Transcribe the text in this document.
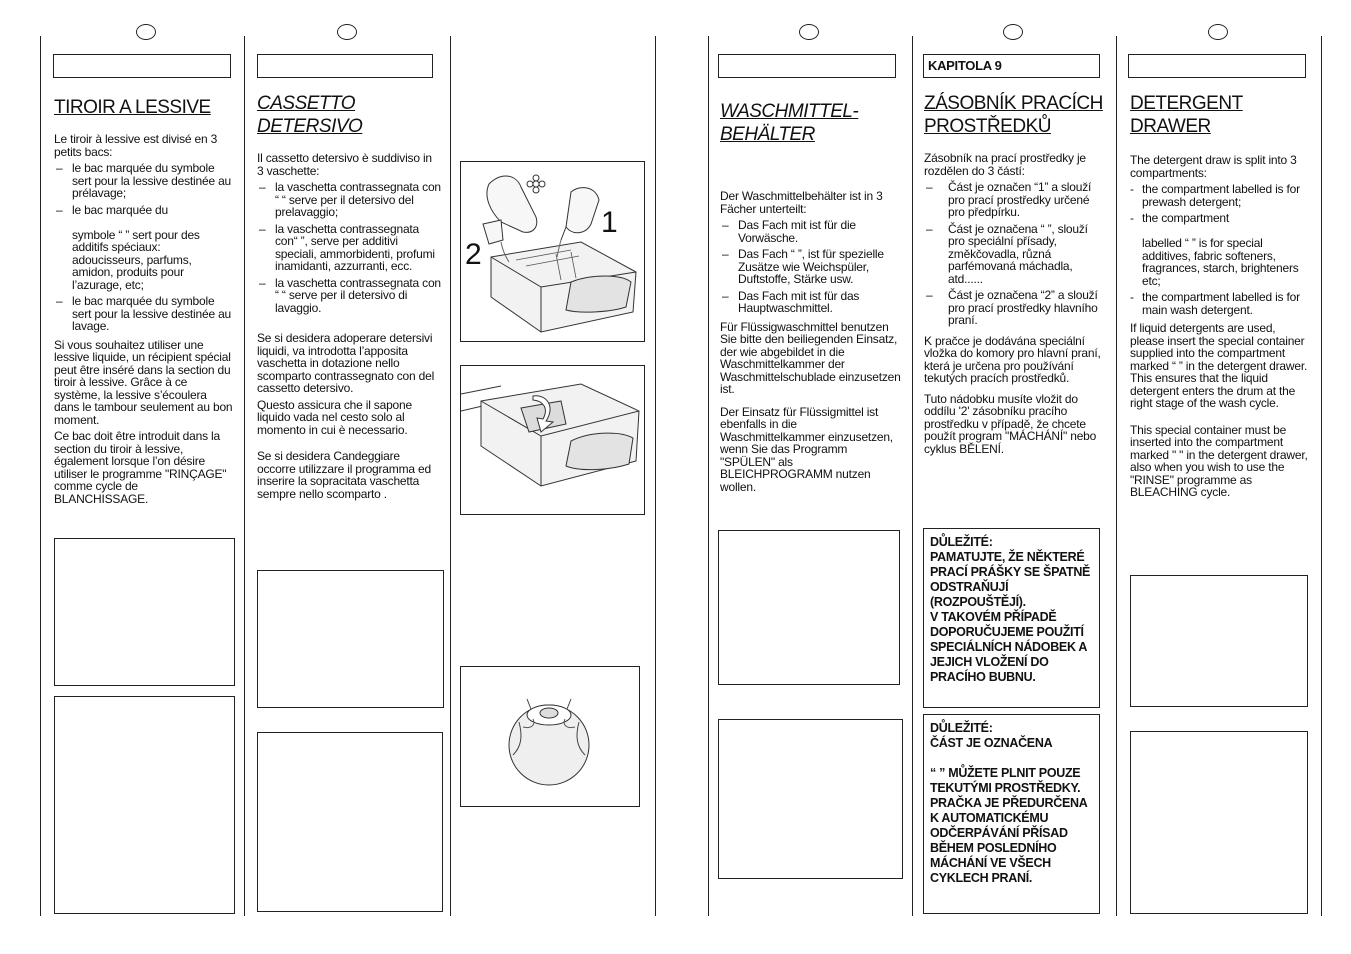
KAPITOLA 9
TIROIR A LESSIVE

Le tiroir à lessive est divisé en 3 petits bacs:

– le bac marquée du symbole sert pour la lessive destinée au prélavage;
– le bac marquée du

symbole “ ” sert pour des additifs spéciaux: adoucisseurs, parfums, amidon, produits pour l’azurage, etc;
– le bac marquée du symbole sert pour la lessive destinée au lavage.

Si vous souhaitez utiliser une lessive liquide, un récipient spécial peut être inséré dans la section du tiroir à lessive. Grâce à ce système, la lessive s’écoulera dans le tambour seulement au bon moment.

Ce bac doit être introduit dans la section du tiroir à lessive, également lorsque l’on désire utiliser le programme "RINÇAGE" comme cycle de BLANCHISSAGE.

CASSETTO DETERSIVO

Il cassetto detersivo è suddiviso in 3 vaschette:

– la vaschetta contrassegnata con “ “ serve per il detersivo del prelavaggio;
– la vaschetta contrassegnata con“ ”, serve per additivi speciali, ammorbidenti, profumi inamidanti, azzurranti, ecc.
– la vaschetta contrassegnata con “ “ serve per il detersivo di lavaggio.

Se si desidera adoperare detersivi liquidi, va introdotta l’apposita vaschetta in dotazione nello scomparto contrassegnato con del cassetto detersivo.

Questo assicura che il sapone liquido vada nel cesto solo al momento in cui è necessario.

Se si desidera Candeggiare occorre utilizzare il programma ed inserire la sopracitata vaschetta sempre nello scomparto .

1
2
WASCHMITTEL-BEHÄLTER

Der Waschmittelbehälter ist in 3 Fächer unterteilt:

– Das Fach mit ist für die Vorwäsche.
– Das Fach “ ”, ist für spezielle Zusätze wie Weichspüler, Duftstoffe, Stärke usw.
– Das Fach mit ist für das Hauptwaschmittel.

Für Flüssigwaschmittel benutzen Sie bitte den beiliegenden Einsatz, der wie abgebildet in die Waschmittelkammer der Waschmittelschublade einzusetzen ist.

Der Einsatz für Flüssigmittel ist ebenfalls in die Waschmittelkammer einzusetzen, wenn Sie das Programm "SPÜLEN" als BLEICHPROGRAMM nutzen wollen.

ZÁSOBNÍK PRACÍCH PROSTŘEDKŮ

Zásobník na prací prostředky je rozdělen do 3 částí:

– Část je označen “1” a slouží pro prací prostředky určené pro předpírku.
– Část je označena “ ”, slouží pro speciální přísady, změkčovadla, různá parfémovaná máchadla, atd......
– Část je označena “2” a slouží pro prací prostředky hlavního praní.

K pračce je dodávána speciální vložka do komory pro hlavní praní, která je určena pro používání tekutých pracích prostředků.

Tuto nádobku musíte vložit do oddílu '2' zásobníku pracího prostředku v případě, že chcete použít program "MÁCHÁNÍ" nebo cyklus BĚLENÍ.

DŮLEŽITÉ:
PAMATUJTE, ŽE NĚKTERÉ PRACÍ PRÁŠKY SE ŠPATNĚ ODSTRAŇUJÍ (ROZPOUŠTĚJÍ).
V TAKOVÉM PŘÍPADĚ DOPORUČUJEME POUŽITÍ SPECIÁLNÍCH NÁDOBEK A JEJICH VLOŽENÍ DO PRACÍHO BUBNU.
DŮLEŽITÉ:
ČÁST JE OZNAČENA

“ ” MŮŽETE PLNIT POUZE TEKUTÝMI PROSTŘEDKY.
PRAČKA JE PŘEDURČENA K AUTOMATICKÉMU ODČERPÁVÁNÍ PŘÍSAD BĚHEM POSLEDNÍHO MÁCHÁNÍ VE VŠECH CYKLECH PRANÍ.
DETERGENT DRAWER

The detergent draw is split into 3 compartments:

- the compartment labelled is for prewash detergent;
- the compartment

labelled “ ” is for special additives, fabric softeners, fragrances, starch, brighteners etc;
- the compartment labelled is for main wash detergent.

If liquid detergents are used, please insert the special container supplied into the compartment marked “ ” in the detergent drawer. This ensures that the liquid detergent enters the drum at the right stage of the wash cycle.

This special container must be inserted into the compartment marked " " in the detergent drawer, also when you wish to use the "RINSE" programme as BLEACHING cycle.
